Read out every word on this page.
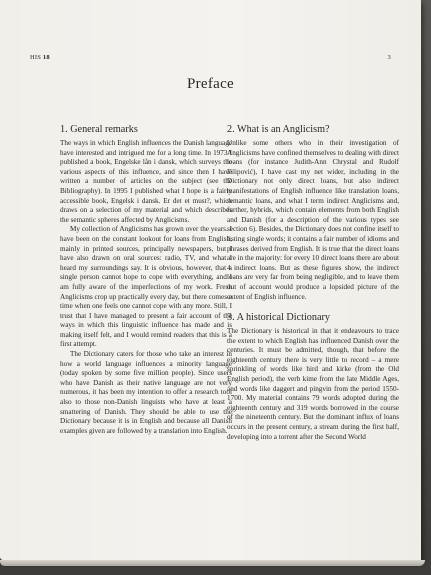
HIS 18	3
Preface
1. General remarks

The ways in which English influences the Danish language have interested and intrigued me for a long time. In 1973 I published a book, Engelske lån i dansk, which surveys the various aspects of this influence, and since then I have written a number of articles on the subject (see the Bibliography). In 1995 I published what I hope is a fairly accessible book, Engelsk i dansk. Er det et must?, which draws on a selection of my material and which describes the semantic spheres affected by Anglicisms.

My collection of Anglicisms has grown over the years. I have been on the constant lookout for loans from English, mainly in printed sources, principally newspapers, but I have also drawn on oral sources: radio, TV, and what I heard my surroundings say. It is obvious, however, that a single person cannot hope to cope with everything, and I am fully aware of the imperfections of my work. Fresh Anglicisms crop up practically every day, but there comes a time when one feels one cannot cope with any more. Still, I trust that I have managed to present a fair account of the ways in which this linguistic influence has made and is making itself felt, and I would remind readers that this is a first attempt.

The Dictionary caters for those who take an interest in how a world language influences a minority language (today spoken by some five million people). Since users who have Danish as their native language are not very numerous, it has been my intention to offer a research tool also to those non-Danish linguists who have at least a smattering of Danish. They should be able to use the Dictionary because it is in English and because all Danish examples given are followed by a translation into English.

2. What is an Anglicism?

Unlike some others who in their investigation of Anglicisms have confined themselves to dealing with direct loans (for instance Judith-Ann Chrystal and Rudolf Filipović), I have cast my net wider, including in the Dictionary not only direct loans, but also indirect manifestations of English influence like translation loans, semantic loans, and what I term indirect Anglicisms and, further, hybrids, which contain elements from both English and Danish (for a description of the various types see section 6). Besides, the Dictionary does not confine itself to listing single words; it contains a fair number of idioms and phrases derived from English. It is true that the direct loans are in the majority: for every 10 direct loans there are about 4 indirect loans. But as these figures show, the indirect loans are very far from being negligible, and to leave them out of account would produce a lopsided picture of the extent of English influence.

3. A historical Dictionary

The Dictionary is historical in that it endeavours to trace the extent to which English has influenced Danish over the centuries. It must be admitted, though, that before the eighteenth century there is very little to record – a mere sprinkling of words like hird and kirke (from the Old English period), the verb kime from the late Middle Ages, and words like daggert and pingvin from the period 1550-1700. My material contains 79 words adopted during the eighteenth century and 319 words borrowed in the course of the nineteenth century. But the dominant influx of loans occurs in the present century, a stream during the first half, developing into a torrent after the Second World
